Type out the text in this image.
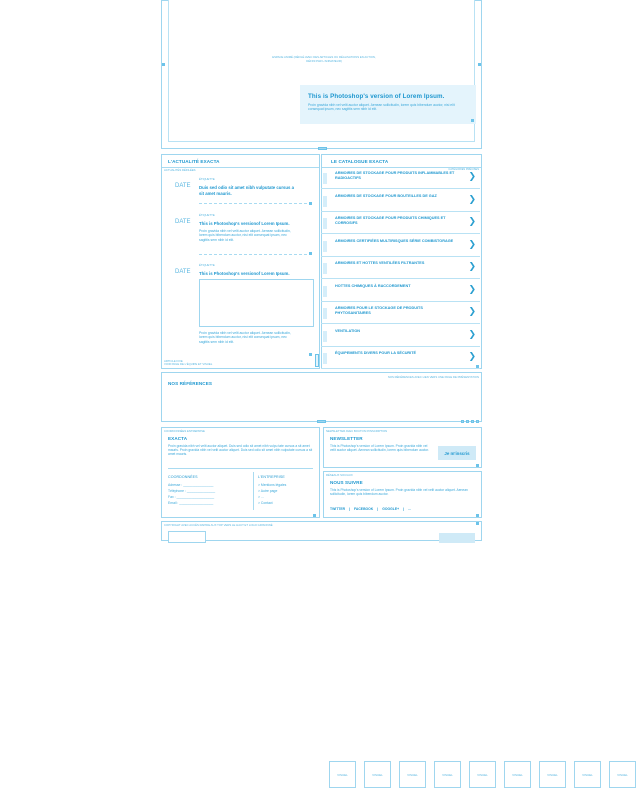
ESPACE ANIMÉ (DÉFILÉ AVEC DES ARTICLES OU RÉALISATIONS EN ACTION, DÉFINI PAR L'ANIMATEUR)
This is Photoshop's version of Lorem Ipsum.
Proin gravida nibh vel velit auctor aliquet. Aenean sollicitudin, lorem quis bibendum auctor, nisi elit consequat ipsum, nec sagittis sem nibh id elit.
L'ACTUALITÉ EXACTA
ACTUALITÉS DÉFILÉES
ÉTIQUETTE
DATE Duis sed odio sit amet nibh vulputate cursus a sit amet mauris.
ÉTIQUETTE
DATE This is Photoshop's versionof Lorem Ipsum.
Proin gravida nibh vel velit auctor aliquet. Aenean sollicitudin, lorem quis bibendum auctor, nisi elit consequat ipsum, nec sagittis sem nibh id elit.
ÉTIQUETTE
DATE This is Photoshop's versionof Lorem Ipsum.
Proin gravida nibh vel velit auctor aliquet. Aenean sollicitudin, lorem quis bibendum auctor, nisi elit consequat ipsum, nec sagittis sem nibh id elit.
ARTICLE FIXE
VOIR PAGE DE L'ÉQUIPE ET VISUEL
LE CATALOGUE EXACTA
CATÉGORIES PRÉCISES
ARMOIRES DE STOCKAGE POUR PRODUITS INFLAMMABLES ET RADIOACTIFS	❯
ARMOIRES DE STOCKAGE POUR BOUTEILLES DE GAZ	❯
ARMOIRES DE STOCKAGE POUR PRODUITS CHIMIQUES ET CORROSIFS	❯
ARMOIRES CERTIFIÉES MULTIRISQUES SÉRIE COMBISTORAGE ❯
ARMOIRES ET HOTTES VENTILÉES FILTRANTES	❯
HOTTES CHIMIQUES À RACCORDEMENT	❯
ARMOIRES POUR LE STOCKAGE DE PRODUITS PHYTOSANITAIRES	❯
VENTILATION	❯
ÉQUIPEMENTS DIVERS POUR LA SÉCURITÉ	❯
NOS RÉFÉRENCES AVEC LIEN VERS UNE PAGE DE PRÉSENTATION
NOS RÉFÉRENCES
VISUEL	VISUEL	VISUEL	VISUEL	VISUEL	VISUEL	VISUEL	VISUEL	VISUEL
COORDONNÉES ENTREPRISE
EXACTA
Proin gravida nibh vel velit auctor aliquet. Duis sed odio sit amet nibh vulpu tate cursus a sit amet mauris. Proin gravida nibh vel velit auctor aliquet. Duis sed odio sit amet nibh vulputate cursus a sit amet mauris.
COORDONNÉES
Adresse : ________________
Téléphone : _______________
Fax : ____________________
Email : __________________
L'ENTREPRISE
> Mentions légales
> Autre page
> ...
> Contact
NEWSLETTER AVEC BOUTON D'INSCRIPTION
NEWSLETTER
This is Photoshop's version of Lorem Ipsum. Proin gravida nibh vel velit auctor aliquet. Aenean sollicitudin, lorem quis bibendum auctor.
Je m'inscris
RÉSEAUX SOCIAUX
NOUS SUIVRE
This is Photoshop's version of Lorem Ipsum. Proin gravida nibh vel velit auctor aliquet. Aenean sollicitudin, lorem quis bibendum auctor.
TWITTER | FACEBOOK | GOOGLE+ | ...
COPYRIGHT AVEC ACCÈS RAPIDE AUX TOP VERS LE HAUT ET LOGO GRISONNÉ
